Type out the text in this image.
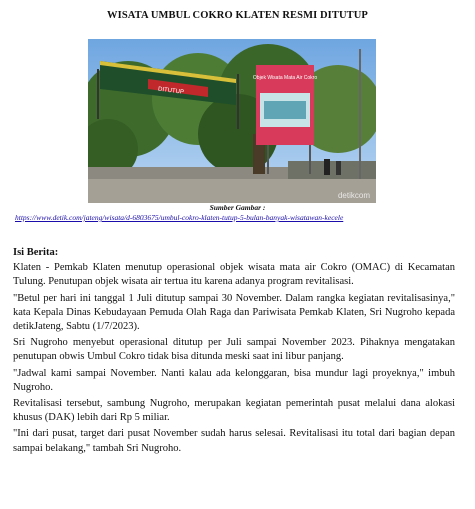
WISATA UMBUL COKRO KLATEN RESMI DITUTUP
DITUTUP
Objek Wisata Mata Air Cokro
detikcom
Sumber Gambar :
https://www.detik.com/jateng/wisata/d-6803675/umbul-cokro-klaten-tutup-5-bulan-banyak-wisatawan-kecele
Isi Berita:

Klaten - Pemkab Klaten menutup operasional objek wisata mata air Cokro (OMAC) di Kecamatan Tulung. Penutupan objek wisata air tertua itu karena adanya program revitalisasi.

"Betul per hari ini tanggal 1 Juli ditutup sampai 30 November. Dalam rangka kegiatan revitalisasinya," kata Kepala Dinas Kebudayaan Pemuda Olah Raga dan Pariwisata Pemkab Klaten, Sri Nugroho kepada detikJateng, Sabtu (1/7/2023).

Sri Nugroho menyebut operasional ditutup per Juli sampai November 2023. Pihaknya mengatakan penutupan obwis Umbul Cokro tidak bisa ditunda meski saat ini libur panjang.

"Jadwal kami sampai November. Nanti kalau ada kelonggaran, bisa mundur lagi proyeknya," imbuh Nugroho.

Revitalisasi tersebut, sambung Nugroho, merupakan kegiatan pemerintah pusat melalui dana alokasi khusus (DAK) lebih dari Rp 5 miliar.

"Ini dari pusat, target dari pusat November sudah harus selesai. Revitalisasi itu total dari bagian depan sampai belakang," tambah Sri Nugroho.
